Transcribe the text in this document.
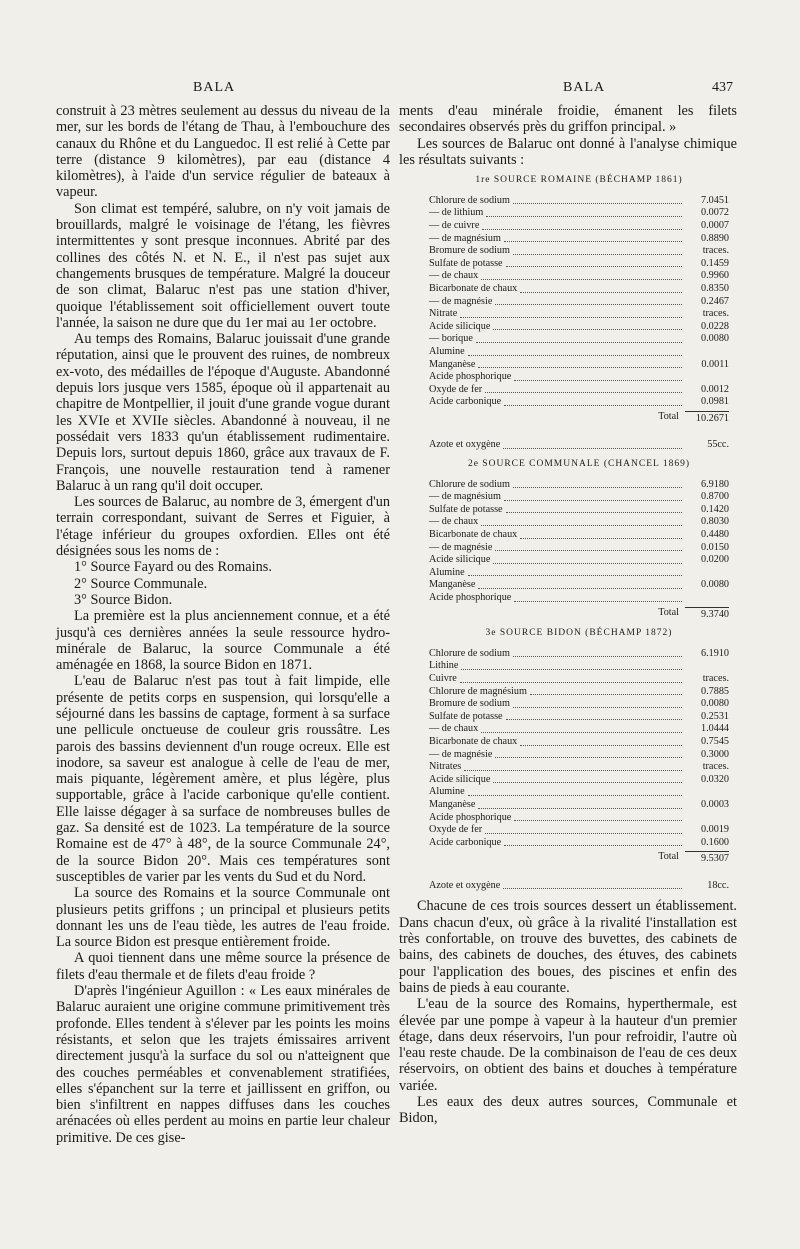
BALA	BALA	437

construit à 23 mètres seulement au dessus du niveau de la mer, sur les bords de l'étang de Thau, à l'embouchure des canaux du Rhône et du Languedoc. Il est relié à Cette par terre (distance 9 kilomètres), par eau (distance 4 kilomètres), à l'aide d'un service régulier de bateaux à vapeur.

Son climat est tempéré, salubre, on n'y voit jamais de brouillards, malgré le voisinage de l'étang, les fièvres intermittentes y sont presque inconnues. Abrité par des collines des côtés N. et N. E., il n'est pas sujet aux changements brusques de température. Malgré la douceur de son climat, Balaruc n'est pas une station d'hiver, quoique l'établissement soit officiellement ouvert toute l'année, la saison ne dure que du 1er mai au 1er octobre.

Au temps des Romains, Balaruc jouissait d'une grande réputation, ainsi que le prouvent des ruines, de nombreux ex-voto, des médailles de l'époque d'Auguste. Abandonné depuis lors jusque vers 1585, époque où il appartenait au chapitre de Montpellier, il jouit d'une grande vogue durant les XVIe et XVIIe siècles. Abandonné à nouveau, il ne possédait vers 1833 qu'un établissement rudimentaire. Depuis lors, surtout depuis 1860, grâce aux travaux de F. François, une nouvelle restauration tend à ramener Balaruc à un rang qu'il doit occuper.

Les sources de Balaruc, au nombre de 3, émergent d'un terrain correspondant, suivant de Serres et Figuier, à l'étage inférieur du groupes oxfordien. Elles ont été désignées sous les noms de :

1° Source Fayard ou des Romains.
2° Source Communale.
3° Source Bidon.

La première est la plus anciennement connue, et a été jusqu'à ces dernières années la seule ressource hydro-minérale de Balaruc, la source Communale a été aménagée en 1868, la source Bidon en 1871.

L'eau de Balaruc n'est pas tout à fait limpide, elle présente de petits corps en suspension, qui lorsqu'elle a séjourné dans les bassins de captage, forment à sa surface une pellicule onctueuse de couleur gris roussâtre. Les parois des bassins deviennent d'un rouge ocreux. Elle est inodore, sa saveur est analogue à celle de l'eau de mer, mais piquante, légèrement amère, et plus légère, plus supportable, grâce à l'acide carbonique qu'elle contient. Elle laisse dégager à sa surface de nombreuses bulles de gaz. Sa densité est de 1023. La température de la source Romaine est de 47° à 48°, de la source Communale 24°, de la source Bidon 20°. Mais ces températures sont susceptibles de varier par les vents du Sud et du Nord.

La source des Romains et la source Communale ont plusieurs petits griffons ; un principal et plusieurs petits donnant les uns de l'eau tiède, les autres de l'eau froide. La source Bidon est presque entièrement froide.

A quoi tiennent dans une même source la présence de filets d'eau thermale et de filets d'eau froide ?

D'après l'ingénieur Aguillon : « Les eaux minérales de Balaruc auraient une origine commune primitivement très profonde. Elles tendent à s'élever par les points les moins résistants, et selon que les trajets émissaires arrivent directement jusqu'à la surface du sol ou n'atteignent que des couches perméables et convenablement stratifiées, elles s'épanchent sur la terre et jaillissent en griffon, ou bien s'infiltrent en nappes diffuses dans les couches arénacées où elles perdent au moins en partie leur chaleur primitive. De ces gise-

ments d'eau minérale froidie, émanent les filets secondaires observés près du griffon principal. »

Les sources de Balaruc ont donné à l'analyse chimique les résultats suivants :

1re SOURCE ROMAINE (BÉCHAMP 1861)
Chlorure de sodium	7.0451
— de lithium	0.0072
— de cuivre	0.0007
— de magnésium	0.8890
Bromure de sodium	traces.
Sulfate de potasse	0.1459
— de chaux	0.9960
Bicarbonate de chaux	0.8350
— de magnésie	0.2467
Nitrate	traces.
Acide silicique	0.0228
— borique	0.0080
Alumine
Manganèse	0.0011
Acide phosphorique
Oxyde de fer	0.0012
Acide carbonique	0.0981
Total	10.2671
Azote et oxygène	55cc.
2e SOURCE COMMUNALE (CHANCEL 1869)
Chlorure de sodium	6.9180
— de magnésium	0.8700
Sulfate de potasse	0.1420
— de chaux	0.8030
Bicarbonate de chaux	0.4480
— de magnésie	0.0150
Acide silicique	0.0200
Alumine
Manganèse	0.0080
Acide phosphorique
Total	9.3740
3e SOURCE BIDON (BÉCHAMP 1872)
Chlorure de sodium	6.1910
Lithine
Cuivre	traces.
Chlorure de magnésium	0.7885
Bromure de sodium	0.0080
Sulfate de potasse	0.2531
— de chaux	1.0444
Bicarbonate de chaux	0.7545
— de magnésie	0.3000
Nitrates	traces.
Acide silicique	0.0320
Alumine
Manganèse	0.0003
Acide phosphorique
Oxyde de fer	0.0019
Acide carbonique	0.1600
Total	9.5307
Azote et oxygène	18cc.

Chacune de ces trois sources dessert un établissement. Dans chacun d'eux, où grâce à la rivalité l'installation est très confortable, on trouve des buvettes, des cabinets de bains, des cabinets de douches, des étuves, des cabinets pour l'application des boues, des piscines et enfin des bains de pieds à eau courante.

L'eau de la source des Romains, hyperthermale, est élevée par une pompe à vapeur à la hauteur d'un premier étage, dans deux réservoirs, l'un pour refroidir, l'autre où l'eau reste chaude. De la combinaison de l'eau de ces deux réservoirs, on obtient des bains et douches à température variée.

Les eaux des deux autres sources, Communale et Bidon,
